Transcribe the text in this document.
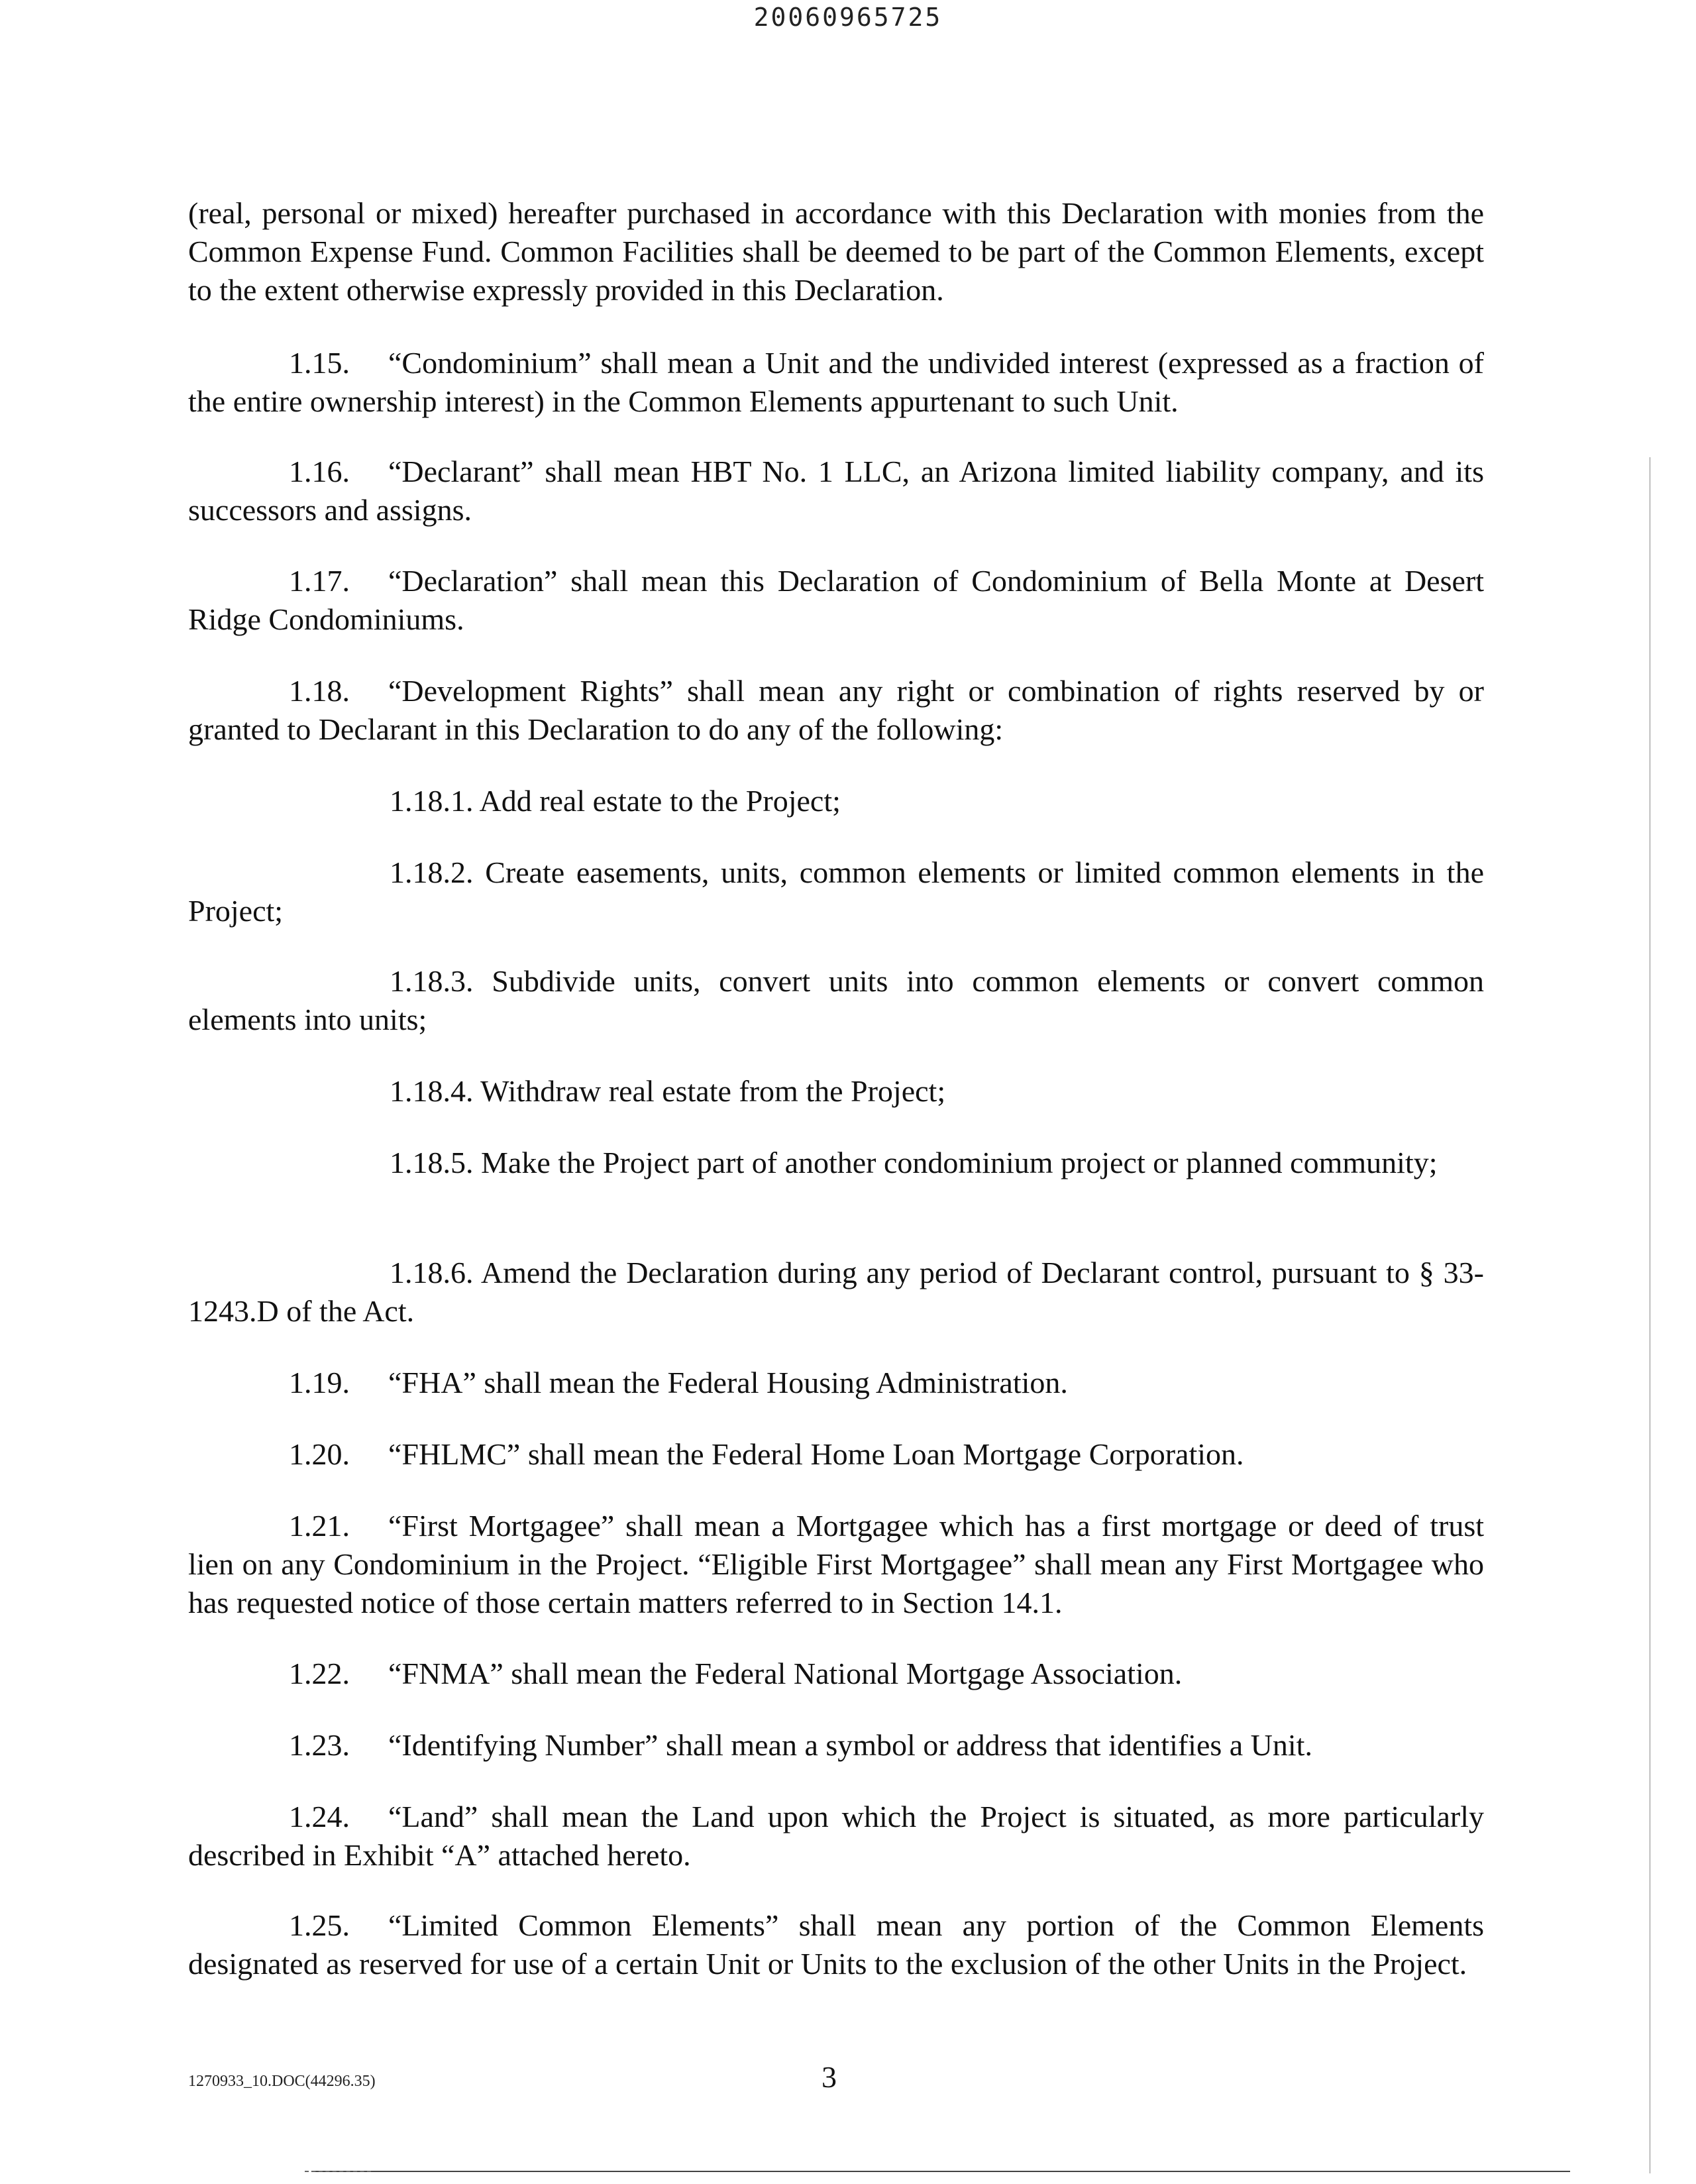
20060965725

(real, personal or mixed) hereafter purchased in accordance with this Declaration with monies from the Common Expense Fund. Common Facilities shall be deemed to be part of the Common Elements, except to the extent otherwise expressly provided in this Declaration.

1.15. “Condominium” shall mean a Unit and the undivided interest (expressed as a fraction of the entire ownership interest) in the Common Elements appurtenant to such Unit.

1.16. “Declarant” shall mean HBT No. 1 LLC, an Arizona limited liability company, and its successors and assigns.

1.17. “Declaration” shall mean this Declaration of Condominium of Bella Monte at Desert Ridge Condominiums.

1.18. “Development Rights” shall mean any right or combination of rights reserved by or granted to Declarant in this Declaration to do any of the following:

1.18.1. Add real estate to the Project;

1.18.2. Create easements, units, common elements or limited common elements in the Project;

1.18.3. Subdivide units, convert units into common elements or convert common elements into units;

1.18.4. Withdraw real estate from the Project;

1.18.5. Make the Project part of another condominium project or planned community;

1.18.6. Amend the Declaration during any period of Declarant control, pursuant to § 33-1243.D of the Act.

1.19. “FHA” shall mean the Federal Housing Administration.

1.20. “FHLMC” shall mean the Federal Home Loan Mortgage Corporation.

1.21. “First Mortgagee” shall mean a Mortgagee which has a first mortgage or deed of trust lien on any Condominium in the Project. “Eligible First Mortgagee” shall mean any First Mortgagee who has requested notice of those certain matters referred to in Section 14.1.

1.22. “FNMA” shall mean the Federal National Mortgage Association.

1.23. “Identifying Number” shall mean a symbol or address that identifies a Unit.

1.24. “Land” shall mean the Land upon which the Project is situated, as more particularly described in Exhibit “A” attached hereto.

1.25. “Limited Common Elements” shall mean any portion of the Common Elements designated as reserved for use of a certain Unit or Units to the exclusion of the other Units in the Project.

1270933_10.DOC(44296.35)	3
